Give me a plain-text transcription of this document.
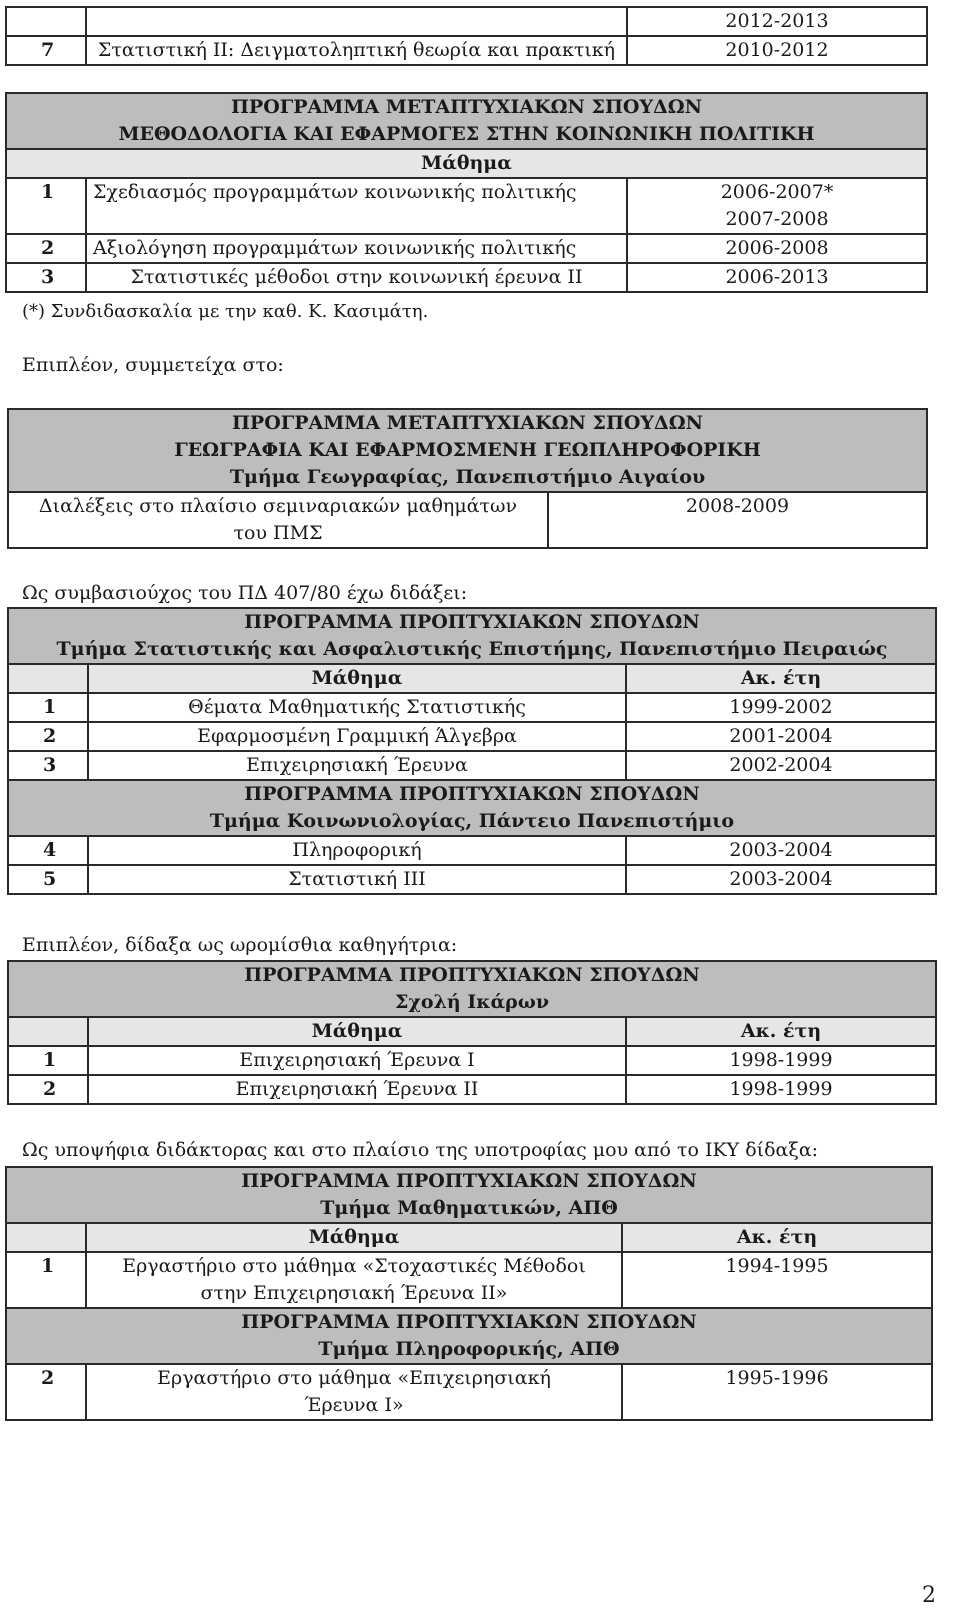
		2012-2013
7	Στατιστική ΙΙ: Δειγματοληπτική θεωρία και πρακτική	2010-2012
ΠΡΟΓΡΑΜΜΑ ΜΕΤΑΠΤΥΧΙΑΚΩΝ ΣΠΟΥΔΩΝ
ΜΕΘΟΔΟΛΟΓΙΑ ΚΑΙ ΕΦΑΡΜΟΓΕΣ ΣΤΗΝ ΚΟΙΝΩΝΙΚΗ ΠΟΛΙΤΙΚΗ		

Μάθημα		
1	Σχεδιασμός προγραμμάτων κοινωνικής πολιτικής	2006-2007*
2007-2008

2	Αξιολόγηση προγραμμάτων κοινωνικής πολιτικής	2006-2008
3	Στατιστικές μέθοδοι στην κοινωνική έρευνα ΙΙ	2006-2013
(*) Συνδιδασκαλία με την καθ. Κ. Κασιμάτη.
Επιπλέον, συμμετείχα στο:
ΠΡΟΓΡΑΜΜΑ ΜΕΤΑΠΤΥΧΙΑΚΩΝ ΣΠΟΥΔΩΝ
ΓΕΩΓΡΑΦΙΑ ΚΑΙ ΕΦΑΡΜΟΣΜΕΝΗ ΓΕΩΠΛΗΡΟΦΟΡΙΚΗ
Τμήμα Γεωγραφίας, Πανεπιστήμιο Αιγαίου

Διαλέξεις στο πλαίσιο σεμιναριακών μαθημάτων του ΠΜΣ	2008-2009
Ως συμβασιούχος του ΠΔ 407/80 έχω διδάξει:
ΠΡΟΓΡΑΜΜΑ ΠΡΟΠΤΥΧΙΑΚΩΝ ΣΠΟΥΔΩΝ
Τμήμα Στατιστικής και Ασφαλιστικής Επιστήμης, Πανεπιστήμιο Πειραιώς		

	Μάθημα	Ακ. έτη
1	Θέματα Μαθηματικής Στατιστικής	1999-2002
2	Εφαρμοσμένη Γραμμική Άλγεβρα	2001-2004
3	Επιχειρησιακή Έρευνα	2002-2004

ΠΡΟΓΡΑΜΜΑ ΠΡΟΠΤΥΧΙΑΚΩΝ ΣΠΟΥΔΩΝ
Τμήμα Κοινωνιολογίας, Πάντειο Πανεπιστήμιο		

4	Πληροφορική	2003-2004
5	Στατιστική ΙΙΙ	2003-2004
Επιπλέον, δίδαξα ως ωρομίσθια καθηγήτρια:
ΠΡΟΓΡΑΜΜΑ ΠΡΟΠΤΥΧΙΑΚΩΝ ΣΠΟΥΔΩΝ
Σχολή Ικάρων		

	Μάθημα	Ακ. έτη
1	Επιχειρησιακή Έρευνα Ι	1998-1999
2	Επιχειρησιακή Έρευνα ΙΙ	1998-1999
Ως υποψήφια διδάκτορας και στο πλαίσιο της υποτροφίας μου από το ΙΚΥ δίδαξα:
ΠΡΟΓΡΑΜΜΑ ΠΡΟΠΤΥΧΙΑΚΩΝ ΣΠΟΥΔΩΝ
Τμήμα Μαθηματικών, ΑΠΘ		

	Μάθημα	Ακ. έτη
1	Εργαστήριο στο μάθημα «Στοχαστικές Μέθοδοι στην Επιχειρησιακή Έρευνα ΙΙ»	1994-1995

ΠΡΟΓΡΑΜΜΑ ΠΡΟΠΤΥΧΙΑΚΩΝ ΣΠΟΥΔΩΝ
Τμήμα Πληροφορικής, ΑΠΘ		

2	Εργαστήριο στο μάθημα «Επιχειρησιακή Έρευνα Ι»	1995-1996
2
